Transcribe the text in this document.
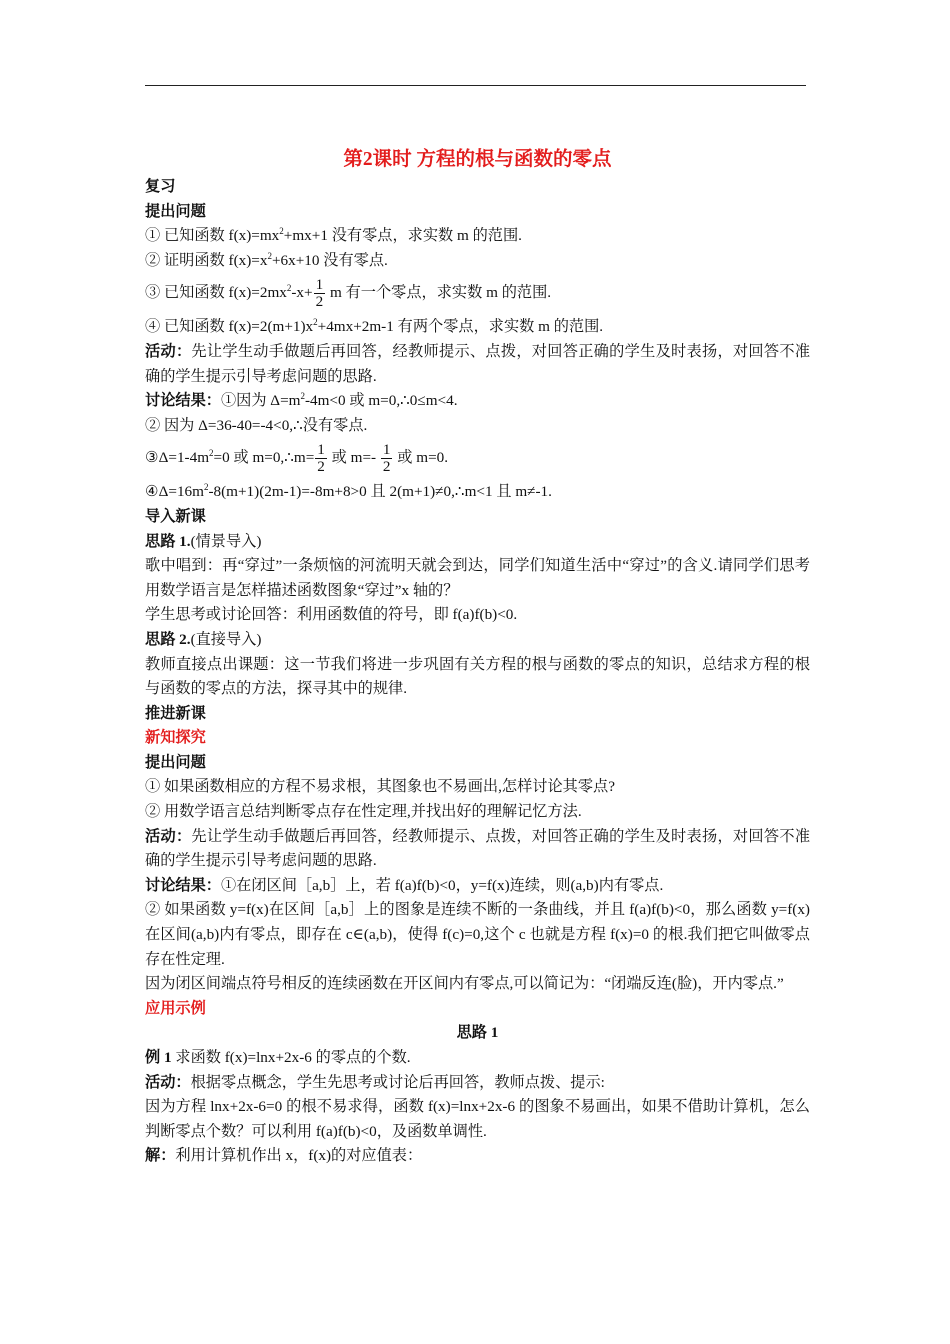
第2课时 方程的根与函数的零点
复习
提出问题
① 已知函数 $f(x)=mx^2+mx+1$ 没有零点，求实数 m 的范围.
② 证明函数 $f(x)=x^2+6x+10$ 没有零点.
③ 已知函数 $f(x)=2mx^2-x+ \frac{1}{2}$ m 有一个零点，求实数 m 的范围.
④ 已知函数 $f(x)=2(m+1)x^2+4mx+2m-1$ 有两个零点，求实数 m 的范围.
活动：先让学生动手做题后再回答，经教师提示、点拨，对回答正确的学生及时表扬，对回答不准确的学生提示引导考虑问题的思路.
讨论结果：①因为 $\Delta=m^2-4m<0$ 或 m=0,∴0≤m<4.
② 因为 Δ=36-40=-4<0,∴没有零点.
$③\Delta=1-4m^2=0$ 或 m=0,∴m= $\frac{1}{2}$ 或 $m=- \frac{1}{2}$ 或 m=0.
$④\Delta=16m^2-8(m+1)(2m-1)=-8m+8>0$ 且 2(m+1)≠0,∴m<1 且 m≠-1.
导入新课
思路 1.(情景导入)
歌中唱到：再“穿过”一条烦恼的河流明天就会到达，同学们知道生活中“穿过”的含义.请同学们思考用数学语言是怎样描述函数图象“穿过”x 轴的？
学生思考或讨论回答：利用函数值的符号，即 f(a)f(b)<0.
思路 2.(直接导入)
教师直接点出课题：这一节我们将进一步巩固有关方程的根与函数的零点的知识，总结求方程的根与函数的零点的方法，探寻其中的规律.
推进新课
新知探究
提出问题
① 如果函数相应的方程不易求根，其图象也不易画出,怎样讨论其零点?
② 用数学语言总结判断零点存在性定理,并找出好的理解记忆方法.
活动：先让学生动手做题后再回答，经教师提示、点拨，对回答正确的学生及时表扬，对回答不准确的学生提示引导考虑问题的思路.
讨论结果：①在闭区间［a,b］上，若 f(a)f(b)<0，y=f(x)连续，则(a,b)内有零点.
② 如果函数 y=f(x)在区间［a,b］上的图象是连续不断的一条曲线，并且 f(a)f(b)<0，那么函数 y=f(x)在区间(a,b)内有零点，即存在 c∈(a,b)，使得 f(c)=0,这个 c 也就是方程 f(x)=0 的根.我们把它叫做零点存在性定理.
因为闭区间端点符号相反的连续函数在开区间内有零点,可以简记为：“闭端反连(脸)，开内零点.”
应用示例
思路 1
例 1 求函数 f(x)=lnx+2x-6 的零点的个数.
活动：根据零点概念，学生先思考或讨论后再回答，教师点拨、提示:
因为方程 lnx+2x-6=0 的根不易求得，函数 f(x)=lnx+2x-6 的图象不易画出，如果不借助计算机，怎么判断零点个数？可以利用 f(a)f(b)<0，及函数单调性.
解：利用计算机作出 x，f(x)的对应值表：
